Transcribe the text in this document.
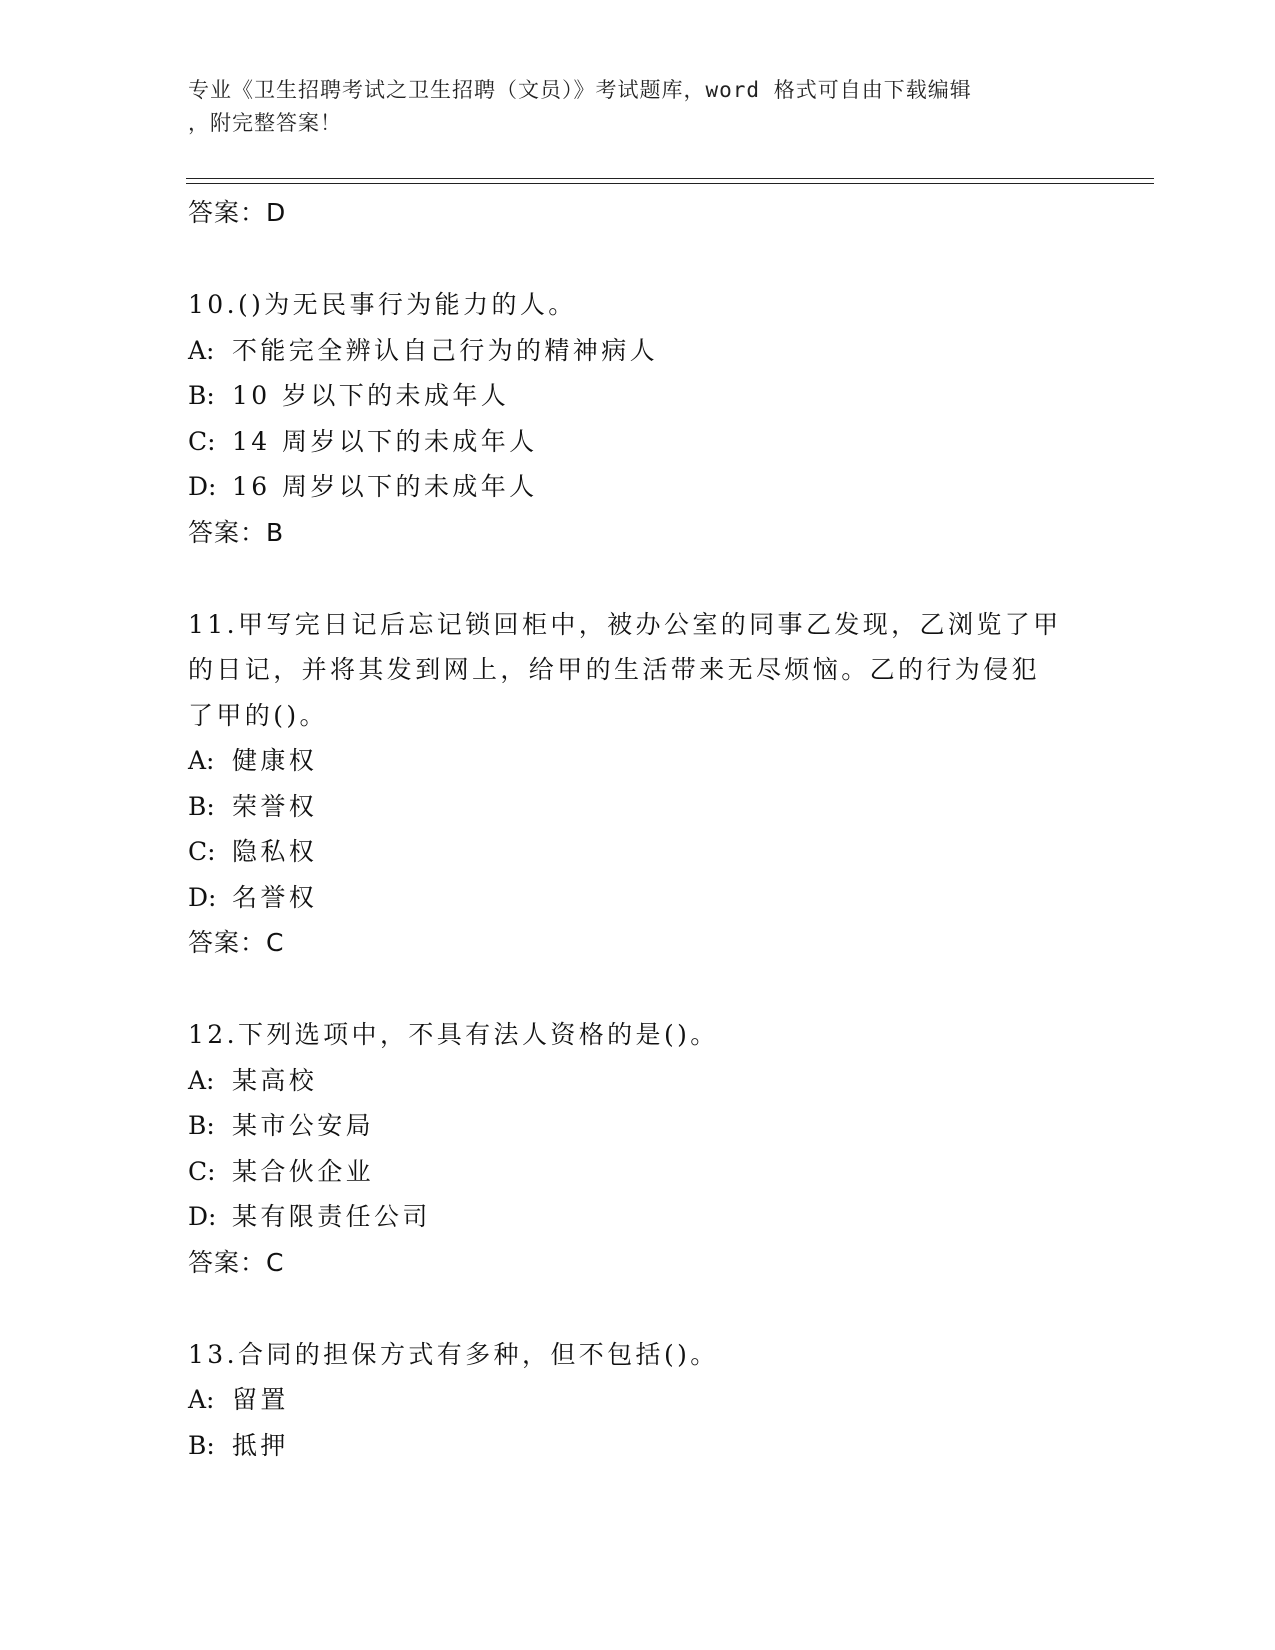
专业《卫生招聘考试之卫生招聘（文员）》考试题库，word 格式可自由下载编辑
，附完整答案！
答案：D
10.()为无民事行为能力的人。
A: 不能完全辨认自己行为的精神病人
B: 10 岁以下的未成年人
C: 14 周岁以下的未成年人
D: 16 周岁以下的未成年人
答案：B
11.甲写完日记后忘记锁回柜中，被办公室的同事乙发现，乙浏览了甲
的日记，并将其发到网上，给甲的生活带来无尽烦恼。乙的行为侵犯
了甲的()。
A: 健康权
B: 荣誉权
C: 隐私权
D: 名誉权
答案：C
12.下列选项中，不具有法人资格的是()。
A: 某高校
B: 某市公安局
C: 某合伙企业
D: 某有限责任公司
答案：C
13.合同的担保方式有多种，但不包括()。
A: 留置
B: 抵押
